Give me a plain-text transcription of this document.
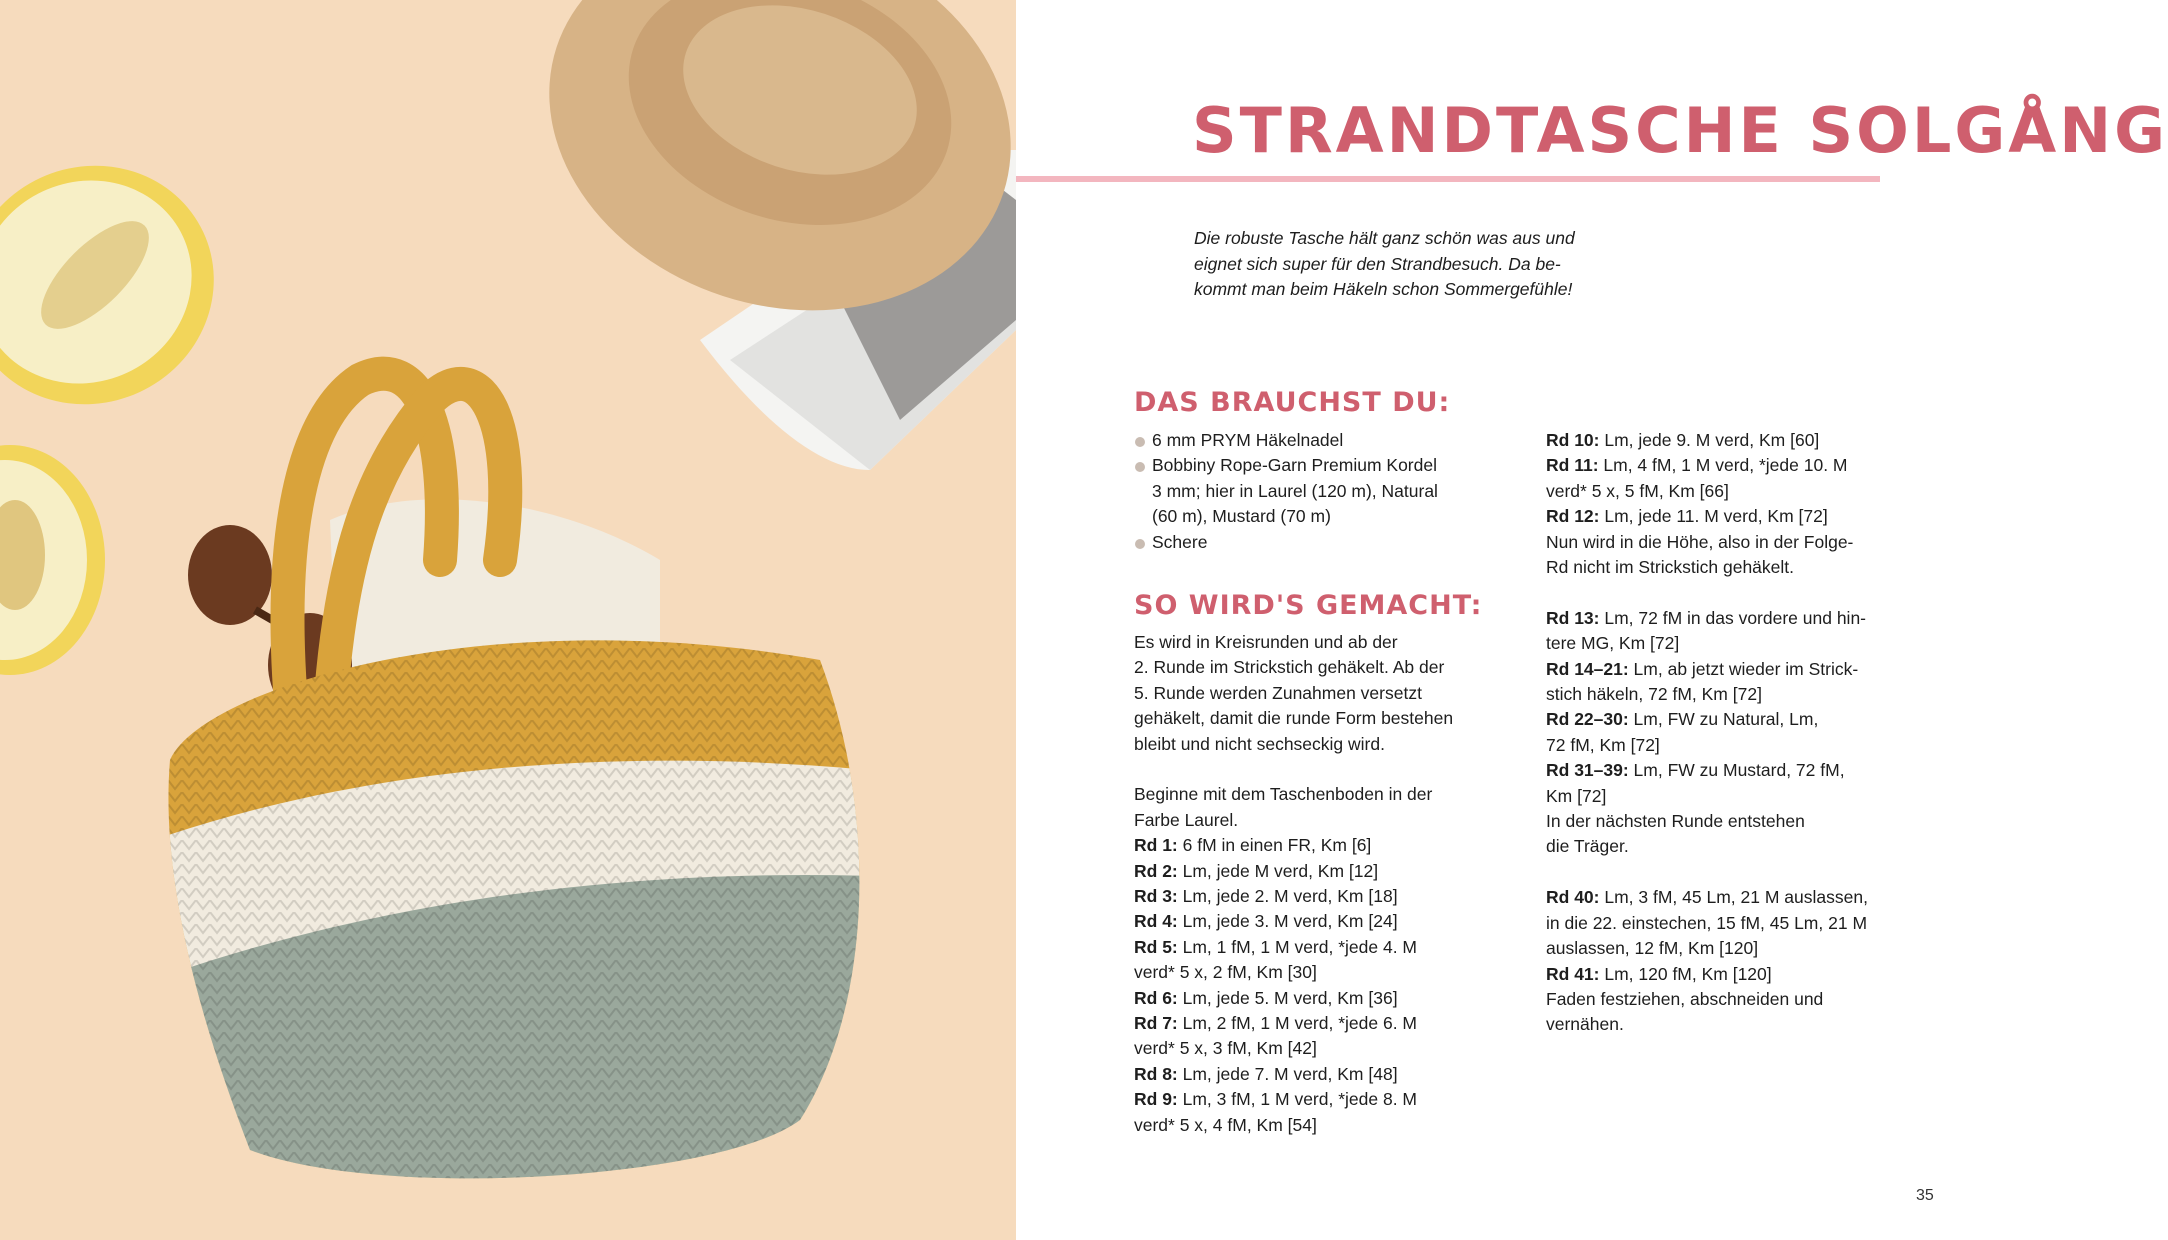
STRANDTASCHE SOLGÅNG

Die robuste Tasche hält ganz schön was aus und
eignet sich super für den Strandbesuch. Da be-
kommt man beim Häkeln schon Sommergefühle!

DAS BRAUCHST DU:
6 mm PRYM Häkelnadel
Bobbiny Rope-Garn Premium Kordel
3 mm; hier in Laurel (120 m), Natural
(60 m), Mustard (70 m)
Schere
SO WIRD'S GEMACHT:
Es wird in Kreisrunden und ab der
2. Runde im Strickstich gehäkelt. Ab der
5. Runde werden Zunahmen versetzt
gehäkelt, damit die runde Form bestehen
bleibt und nicht sechseckig wird.
Beginne mit dem Taschenboden in der
Farbe Laurel.
Rd 1: 6 fM in einen FR, Km [6]
Rd 2: Lm, jede M verd, Km [12]
Rd 3: Lm, jede 2. M verd, Km [18]
Rd 4: Lm, jede 3. M verd, Km [24]
Rd 5: Lm, 1 fM, 1 M verd, *jede 4. M
verd* 5 x, 2 fM, Km [30]
Rd 6: Lm, jede 5. M verd, Km [36]
Rd 7: Lm, 2 fM, 1 M verd, *jede 6. M
verd* 5 x, 3 fM, Km [42]
Rd 8: Lm, jede 7. M verd, Km [48]
Rd 9: Lm, 3 fM, 1 M verd, *jede 8. M
verd* 5 x, 4 fM, Km [54]
Rd 10: Lm, jede 9. M verd, Km [60]
Rd 11: Lm, 4 fM, 1 M verd, *jede 10. M
verd* 5 x, 5 fM, Km [66]
Rd 12: Lm, jede 11. M verd, Km [72]
Nun wird in die Höhe, also in der Folge-
Rd nicht im Strickstich gehäkelt.
Rd 13: Lm, 72 fM in das vordere und hin-
tere MG, Km [72]
Rd 14–21: Lm, ab jetzt wieder im Strick-
stich häkeln, 72 fM, Km [72]
Rd 22–30: Lm, FW zu Natural, Lm,
72 fM, Km [72]
Rd 31–39: Lm, FW zu Mustard, 72 fM,
Km [72]
In der nächsten Runde entstehen
die Träger.
Rd 40: Lm, 3 fM, 45 Lm, 21 M auslassen,
in die 22. einstechen, 15 fM, 45 Lm, 21 M
auslassen, 12 fM, Km [120]
Rd 41: Lm, 120 fM, Km [120]
Faden festziehen, abschneiden und
vernähen.
35
